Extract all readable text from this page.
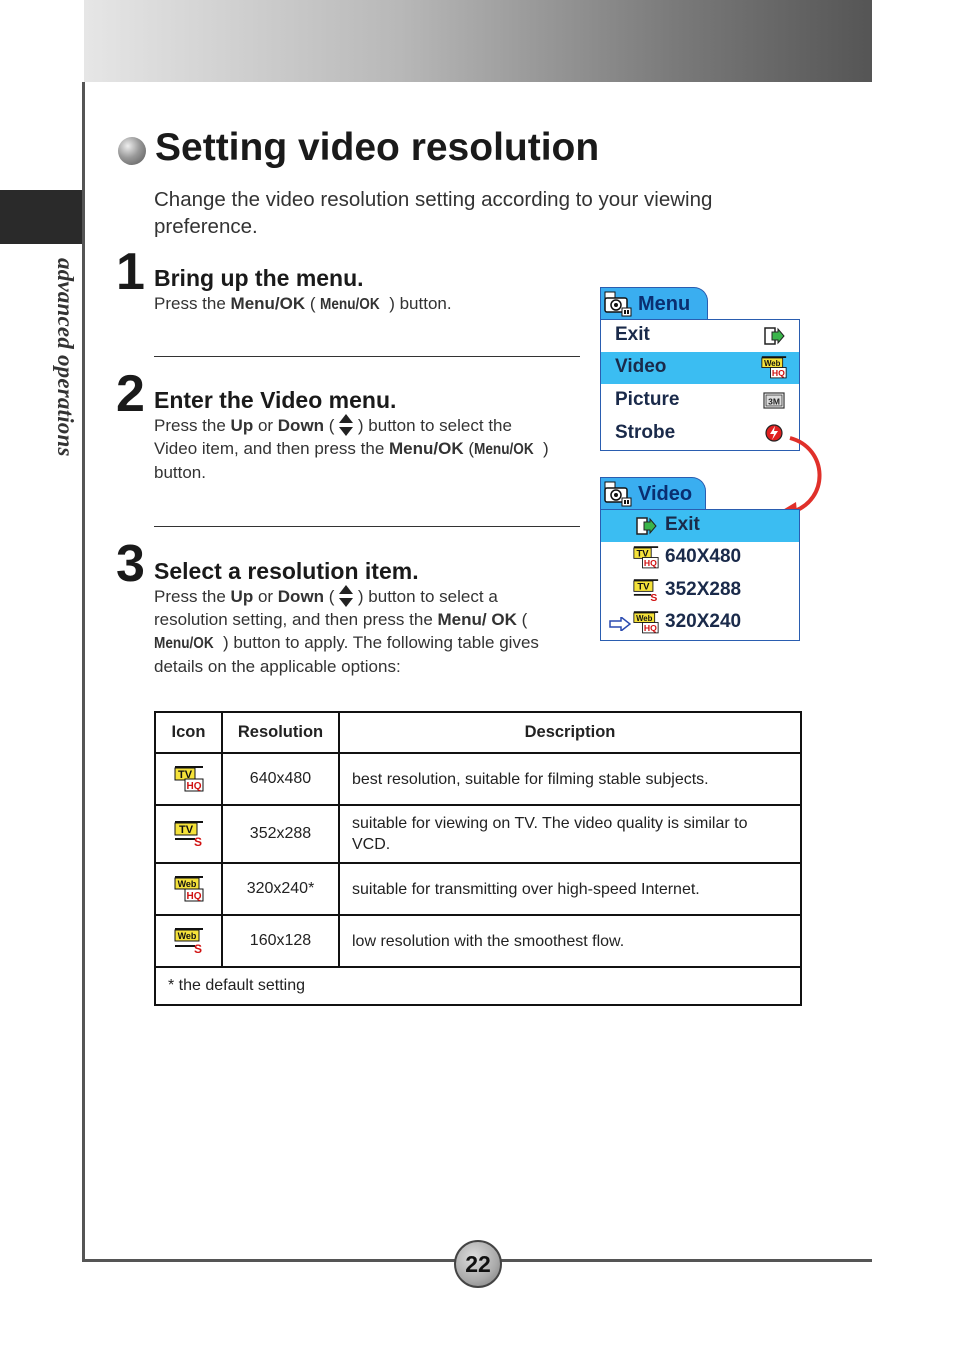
advanced operations
Setting video resolution

Change the video resolution setting according to your viewing preference.

1 Bring up the menu.

Press the Menu/OK ( Menu/OK ) button.

2 Enter the Video menu.

Press the Up or Down (  ) button to select the Video item, and then press the Menu/OK (Menu/OK ) button.

3 Select a resolution item.

Press the Up or Down (  ) button to select a resolution setting, and then press the Menu/ OK (Menu/OK ) button to apply. The following table gives details on the applicable options:

Menu
Exit
Video
Picture
Strobe
Video
Exit
640X480
352X288
320X240
Icon	Resolution	Description

	640x480	best resolution, suitable for filming stable subjects.

	352x288	suitable for viewing on TV. The video quality is similar to VCD.

	320x240*	suitable for transmitting over high-speed Internet.

	160x128	low resolution with the smoothest flow.
* the default setting		
22
